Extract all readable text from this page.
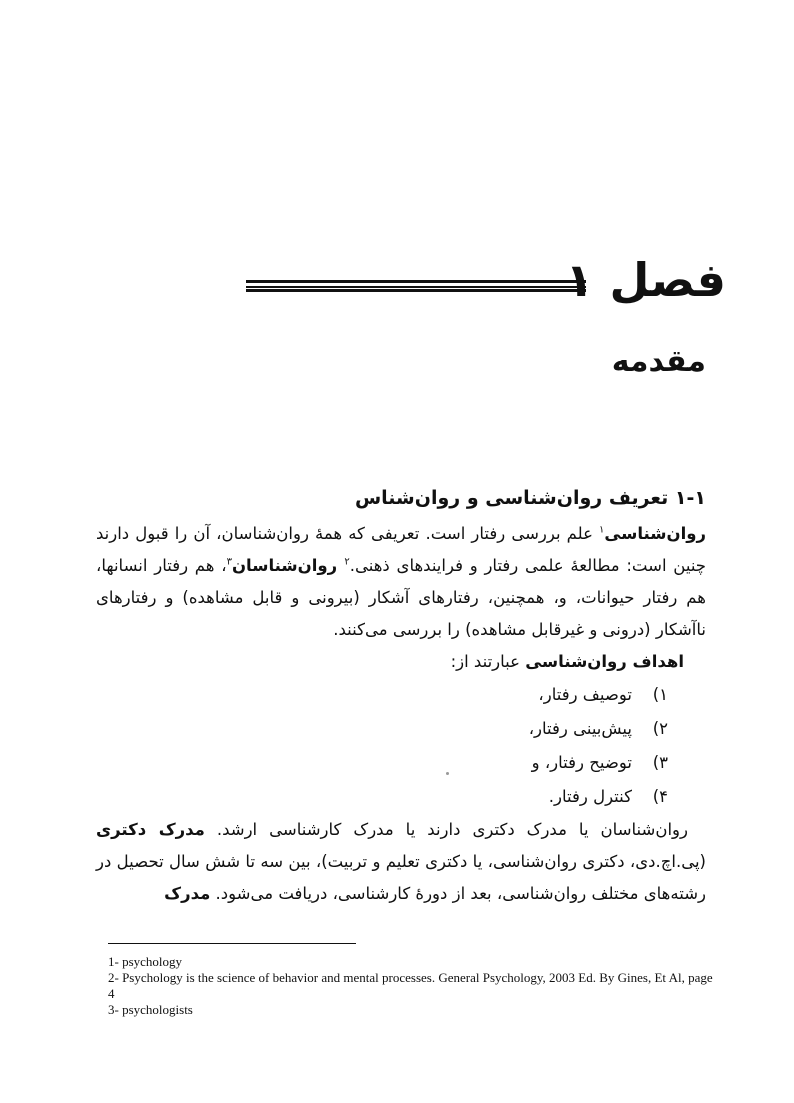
فصل ۱
مقدمه
۱-۱ تعریف روان‌شناسی و روان‌شناس

روان‌شناسی$^۱$ علم بررسی رفتار است. تعریفی که همهٔ روان‌شناسان، آن را قبول دارند چنین است: مطالعهٔ علمی رفتار و فرایندهای ذهنی.$^۲$ روان‌شناسان$^۳$، هم رفتار انسانها، هم رفتار حیوانات، و، همچنین، رفتارهای آشکار (بیرونی و قابل مشاهده) و رفتارهای ناآشکار (درونی و غیرقابل مشاهده) را بررسی می‌کنند.

اهداف روان‌شناسی عبارتند از:

۱)
توصیف رفتار،
۲)
پیش‌بینی رفتار،
۳)
توضیح رفتار، و
۴)
کنترل رفتار.

روان‌شناسان یا مدرک دکتری دارند یا مدرک کارشناسی ارشد. مدرک دکتری (پی.اچ.دی، دکتری روان‌شناسی، یا دکتری تعلیم و تربیت)، بین سه تا شش سال تحصیل در رشته‌های مختلف روان‌شناسی، بعد از دورهٔ کارشناسی، دریافت می‌شود. مدرک

1- psychology
2- Psychology is the science of behavior and mental processes. General Psychology, 2003 Ed. By Gines, Et Al, page 4
3- psychologists
